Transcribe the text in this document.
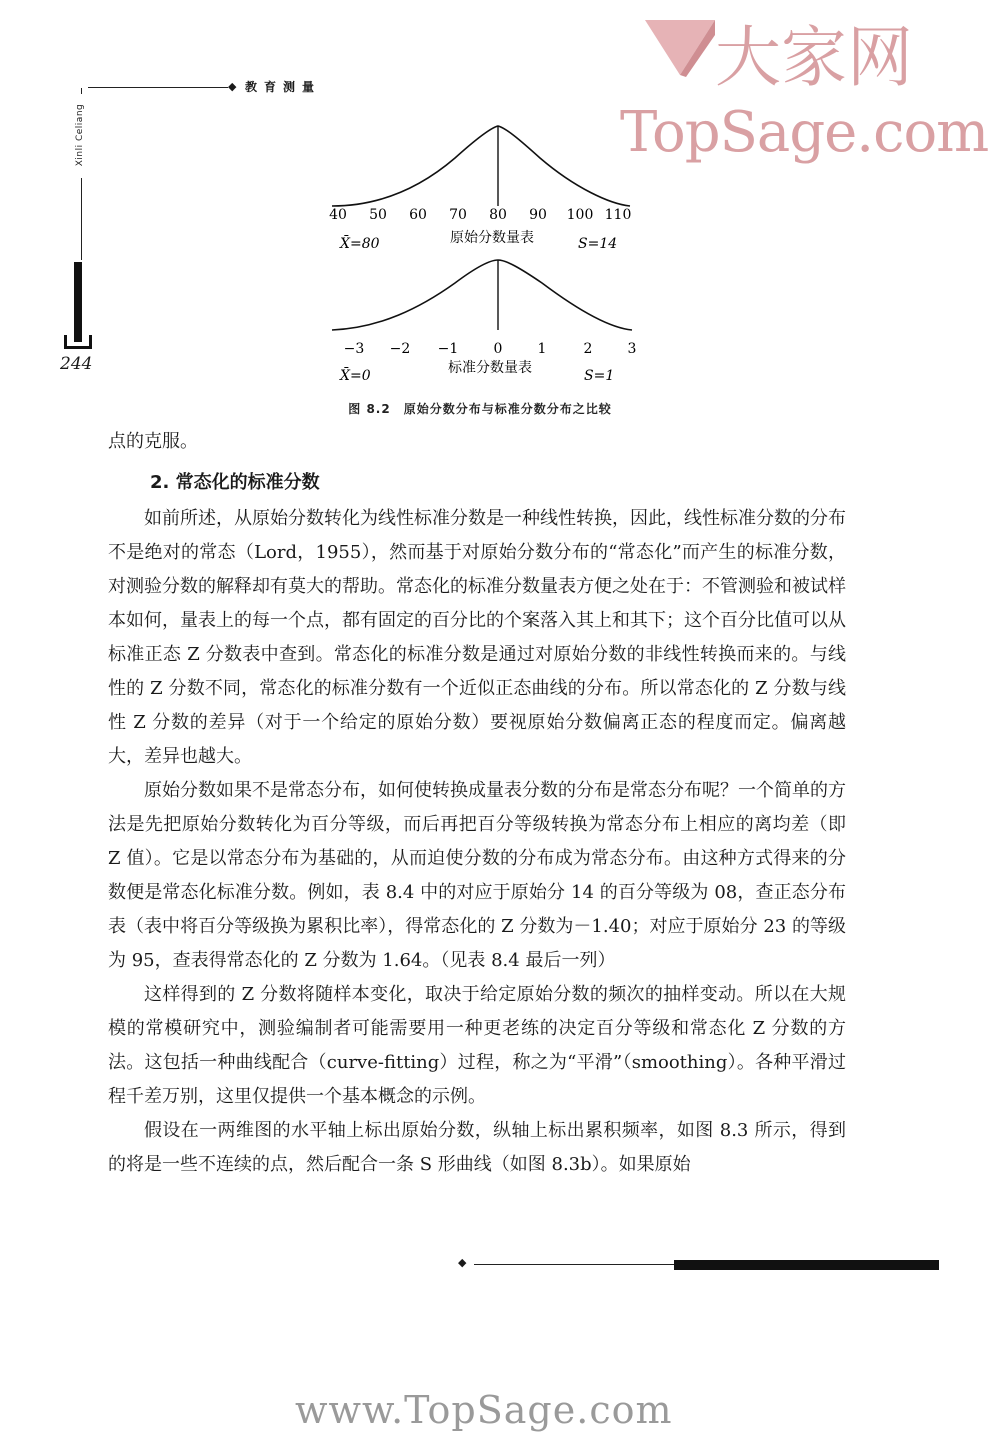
◆ 教育测量
Xinli Celiang
244
大家网
TopSage.com
40 50 60 70 80 90 100 110
X̄=80	原始分数量表	S=14
−3 −2 −1	0	1	2	3
X̄=0	标准分数量表	S=1
图 8.2　原始分数分布与标准分数分布之比较
点的克服。
2. 常态化的标准分数

如前所述，从原始分数转化为线性标准分数是一种线性转换，因此，线性标准分数的分布不是绝对的常态（Lord，1955），然而基于对原始分数分布的“常态化”而产生的标准分数，对测验分数的解释却有莫大的帮助。常态化的标准分数量表方便之处在于：不管测验和被试样本如何，量表上的每一个点，都有固定的百分比的个案落入其上和其下；这个百分比值可以从标准正态 Z 分数表中查到。常态化的标准分数是通过对原始分数的非线性转换而来的。与线性的 Z 分数不同，常态化的标准分数有一个近似正态曲线的分布。所以常态化的 Z 分数与线性 Z 分数的差异（对于一个给定的原始分数）要视原始分数偏离正态的程度而定。偏离越大，差异也越大。

原始分数如果不是常态分布，如何使转换成量表分数的分布是常态分布呢？一个简单的方法是先把原始分数转化为百分等级，而后再把百分等级转换为常态分布上相应的离均差（即 Z 值）。它是以常态分布为基础的，从而迫使分数的分布成为常态分布。由这种方式得来的分数便是常态化标准分数。例如，表 8.4 中的对应于原始分 14 的百分等级为 08，查正态分布表（表中将百分等级换为累积比率），得常态化的 Z 分数为－1.40；对应于原始分 23 的等级为 95，查表得常态化的 Z 分数为 1.64。（见表 8.4 最后一列）

这样得到的 Z 分数将随样本变化，取决于给定原始分数的频次的抽样变动。所以在大规模的常模研究中，测验编制者可能需要用一种更老练的决定百分等级和常态化 Z 分数的方法。这包括一种曲线配合（curve-fitting）过程，称之为“平滑”（smoothing）。各种平滑过程千差万别，这里仅提供一个基本概念的示例。

假设在一两维图的水平轴上标出原始分数，纵轴上标出累积频率，如图 8.3 所示，得到的将是一些不连续的点，然后配合一条 S 形曲线（如图 8.3b）。如果原始

◆
www.TopSage.com
